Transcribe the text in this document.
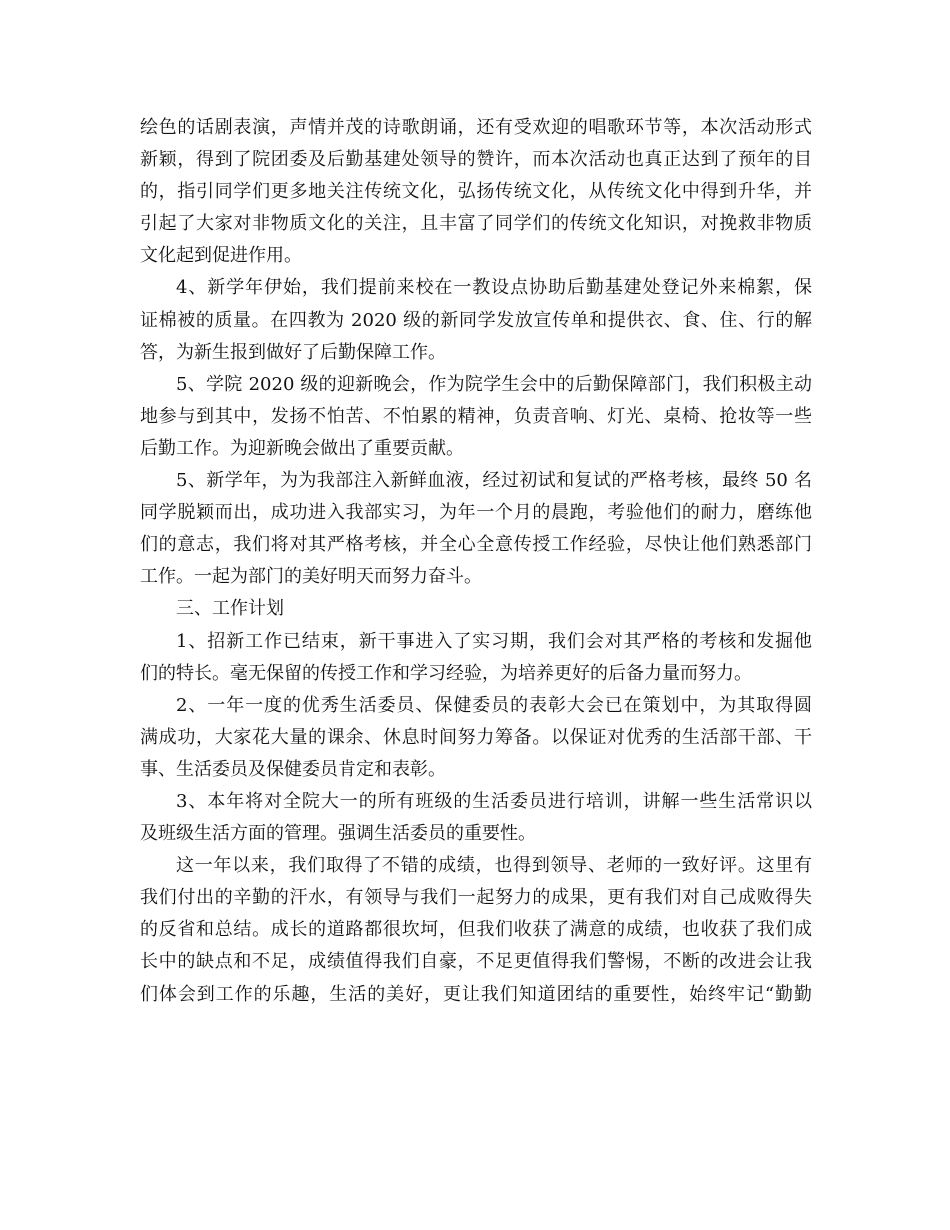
绘色的话剧表演，声情并茂的诗歌朗诵，还有受欢迎的唱歌环节等，本次活动形式
新颖，得到了院团委及后勤基建处领导的赞许，而本次活动也真正达到了预年的目
的，指引同学们更多地关注传统文化，弘扬传统文化，从传统文化中得到升华，并
引起了大家对非物质文化的关注，且丰富了同学们的传统文化知识，对挽救非物质
文化起到促进作用。
4、新学年伊始，我们提前来校在一教设点协助后勤基建处登记外来棉絮，保
证棉被的质量。在四教为 2020 级的新同学发放宣传单和提供衣、食、住、行的解
答，为新生报到做好了后勤保障工作。
5、学院 2020 级的迎新晚会，作为院学生会中的后勤保障部门，我们积极主动
地参与到其中，发扬不怕苦、不怕累的精神，负责音响、灯光、桌椅、抢妆等一些
后勤工作。为迎新晚会做出了重要贡献。
5、新学年，为为我部注入新鲜血液，经过初试和复试的严格考核，最终 50 名
同学脱颖而出，成功进入我部实习，为年一个月的晨跑，考验他们的耐力，磨练他
们的意志，我们将对其严格考核，并全心全意传授工作经验，尽快让他们熟悉部门
工作。一起为部门的美好明天而努力奋斗。
三、工作计划
1、招新工作已结束，新干事进入了实习期，我们会对其严格的考核和发掘他
们的特长。毫无保留的传授工作和学习经验，为培养更好的后备力量而努力。
2、一年一度的优秀生活委员、保健委员的表彰大会已在策划中，为其取得圆
满成功，大家花大量的课余、休息时间努力筹备。以保证对优秀的生活部干部、干
事、生活委员及保健委员肯定和表彰。
3、本年将对全院大一的所有班级的生活委员进行培训，讲解一些生活常识以
及班级生活方面的管理。强调生活委员的重要性。
这一年以来，我们取得了不错的成绩，也得到领导、老师的一致好评。这里有
我们付出的辛勤的汗水，有领导与我们一起努力的成果，更有我们对自己成败得失
的反省和总结。成长的道路都很坎坷，但我们收获了满意的成绩，也收获了我们成
长中的缺点和不足，成绩值得我们自豪，不足更值得我们警惕，不断的改进会让我
们体会到工作的乐趣，生活的美好，更让我们知道团结的重要性，始终牢记“勤勤
